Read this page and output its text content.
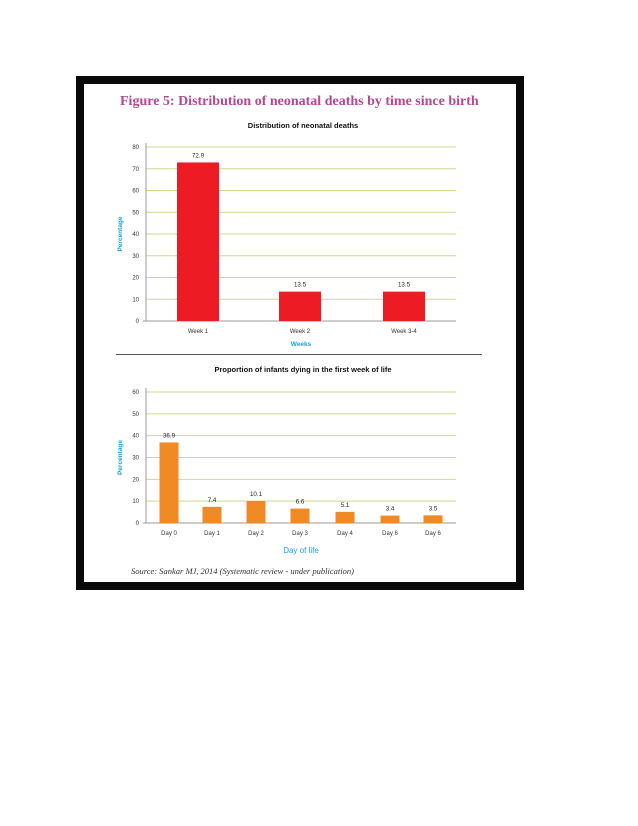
Figure 5: Distribution of neonatal deaths by time since birth
Source: Sankar MJ, 2014 (Systematic review - under publication)
0
10
20
30
40
50
60
70
80
72.9
Week 1
13.5
Week 2
13.5
Week 3-4
Distribution of neonatal deaths
Weeks
Percentage
0
10
20
30
40
50
60
36.9
Day 0
7.4
Day 1
10.1
Day 2
6.6
Day 3
5.1
Day 4
3.4
Day 6
3.5
Day 6
Proportion of infants dying in the first week of life
Day of life
Percentage
